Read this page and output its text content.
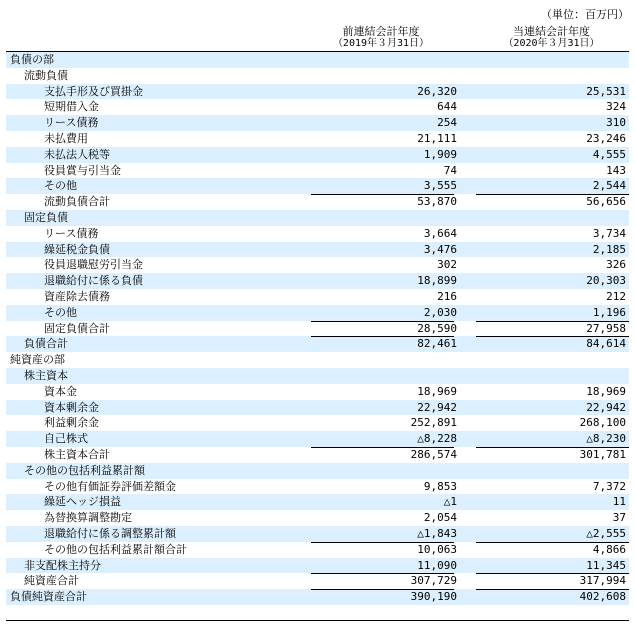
（単位：百万円）
前連結会計年度
（2019年３月31日）
当連結会計年度
（2020年３月31日）
負債の部
流動負債
支払手形及び買掛金	26,320	25,531
短期借入金	644	324
リース債務	254	310
未払費用	21,111	23,246
未払法人税等	1,909	4,555
役員賞与引当金	74	143
その他	3,555	2,544
流動負債合計	53,870	56,656
固定負債
リース債務	3,664	3,734
繰延税金負債	3,476	2,185
役員退職慰労引当金	302	326
退職給付に係る負債	18,899	20,303
資産除去債務	216	212
その他	2,030	1,196
固定負債合計	28,590	27,958
負債合計	82,461	84,614
純資産の部
株主資本
資本金	18,969	18,969
資本剰余金	22,942	22,942
利益剰余金	252,891	268,100
自己株式	△8,228	△8,230
株主資本合計	286,574	301,781
その他の包括利益累計額
その他有価証券評価差額金	9,853	7,372
繰延ヘッジ損益	△1	11
為替換算調整勘定	2,054	37
退職給付に係る調整累計額	△1,843	△2,555
その他の包括利益累計額合計	10,063	4,866
非支配株主持分	11,090	11,345
純資産合計	307,729	317,994
負債純資産合計	390,190	402,608
